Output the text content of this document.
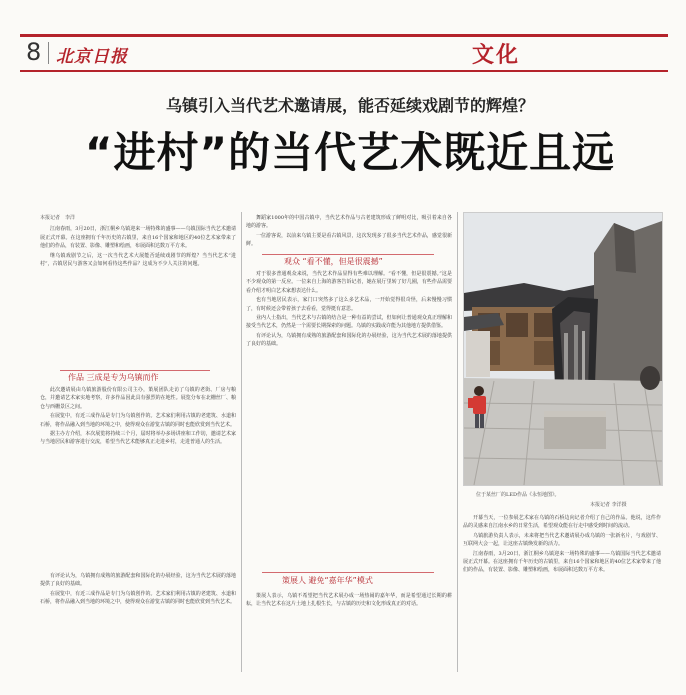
8 北京日报	文化
乌镇引入当代艺术邀请展，能否延续戏剧节的辉煌？
“进村”的当代艺术既近且远

本报记者　李洋

江南春雨，3月20日，浙江桐乡乌镇迎来一场特殊的盛事——乌镇国际当代艺术邀请展正式开幕。在这座拥有千年历史的古镇里，来自16个国家和地区的40位艺术家带来了他们的作品，有装置、影像、雕塑和绘画，布展面积达数万平方米。

继乌镇戏剧节之后，这一次当代艺术大展能否延续戏剧节的辉煌？当当代艺术“进村”，古镇居民与游客又会如何看待这些作品？这成为不少人关注的问题。

作品 三成是专为乌镇而作

此次邀请展由乌镇旅游股份有限公司主办，策展团队走访了乌镇的老街、厂房与粮仓，并邀请艺术家实地考察，许多作品因此具有强烈的在地性。展览分布在北栅丝厂、粮仓与西栅景区之间。

在展览中，有近三成作品是专门为乌镇创作的。艺术家们利用古镇的老建筑、水道和石桥，将作品融入到当地的环境之中，使得观众在游览古镇的同时也能欣赏到当代艺术。

据主办方介绍，本次展览将持续三个月，届时将举办多场讲座和工作坊，邀请艺术家与当地居民和游客进行交流，希望当代艺术能够真正走进乡村，走进普通人的生活。

舞蹈家1000年的中国古镇中，当代艺术作品与古老建筑形成了鲜明对比，吸引着来自各地的游客。

一位游客说，以前来乌镇主要是看古镇风景，这次发现多了很多当代艺术作品，感觉很新鲜。

观众 “看不懂，但是很震撼”

对于很多普通观众来说，当代艺术作品显得有些难以理解。“看不懂，但是很震撼。”这是不少观众的第一反应。一位来自上海的游客告诉记者，她在展厅里转了好几圈，有些作品需要看介绍才明白艺术家想表达什么。

也有当地居民表示，家门口突然多了这么多艺术品，一开始觉得很奇怪，后来慢慢习惯了，有时候还会带着孩子去看看，觉得挺有意思。

业内人士指出，当代艺术与古镇的结合是一种有益的尝试，但如何让普通观众真正理解和接受当代艺术，仍然是一个需要长期探索的问题。乌镇的实践或许能为其他地方提供借鉴。

有评论认为，乌镇拥有成熟的旅游配套和国际化的办展经验，这为当代艺术展的落地提供了良好的基础。

策展人 避免“嘉年华”模式

策展人表示，乌镇不希望把当代艺术展办成一场热闹的嘉年华，而是希望通过长期的耕耘，让当代艺术在这片土地上扎根生长，与古镇的历史和文化形成真正的对话。

有评论认为，乌镇拥有成熟的旅游配套和国际化的办展经验，这为当代艺术展的落地提供了良好的基础。

在展览中，有近三成作品是专门为乌镇创作的。艺术家们利用古镇的老建筑、水道和石桥，将作品融入到当地的环境之中，使得观众在游览古镇的同时也能欣赏到当代艺术。

位于某丝厂的LED作品《永恒地图》。
本报记者 李洋摄

开幕当天，一位参展艺术家在乌镇的石桥边向记者介绍了自己的作品。他说，这件作品的灵感来自江南水乡的日常生活，希望观众能在行走中感受到时间的流动。

乌镇旅游负责人表示，未来将把当代艺术邀请展办成乌镇的一张新名片，与戏剧节、互联网大会一起，让这座古镇焕发新的活力。

江南春雨，3月20日，浙江桐乡乌镇迎来一场特殊的盛事——乌镇国际当代艺术邀请展正式开幕。在这座拥有千年历史的古镇里，来自16个国家和地区的40位艺术家带来了他们的作品，有装置、影像、雕塑和绘画，布展面积达数万平方米。
